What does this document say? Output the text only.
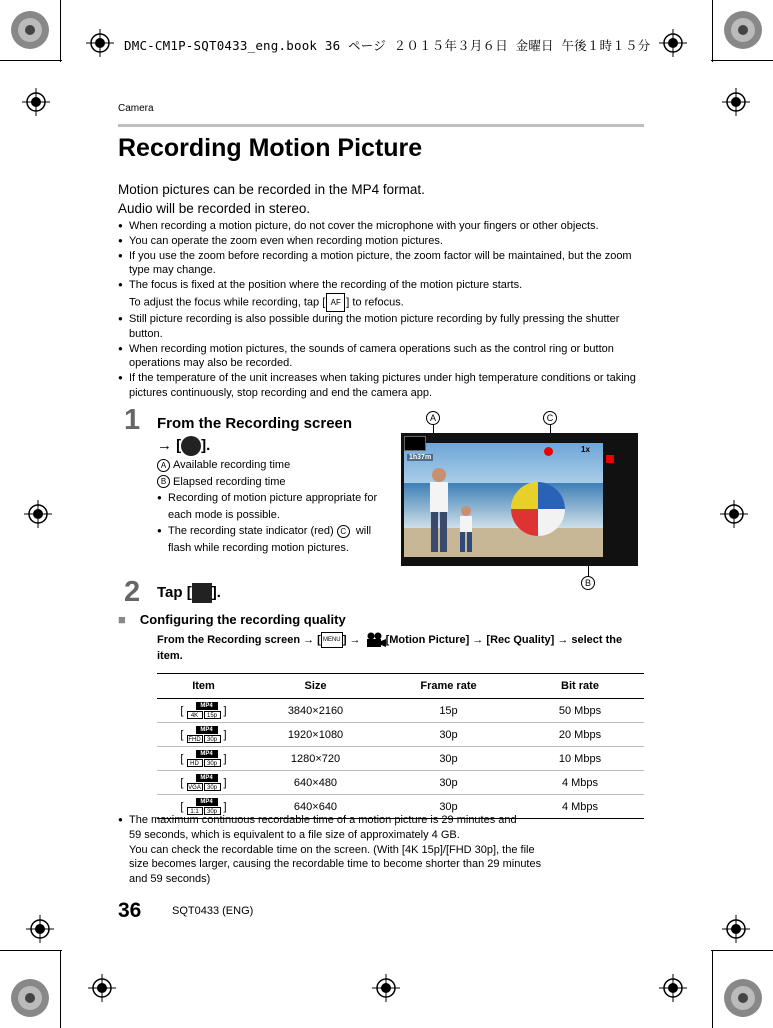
DMC-CM1P-SQT0433_eng.book 36 ページ ２０１５年３月６日 金曜日 午後１時１５分
Camera
Recording Motion Picture
Motion pictures can be recorded in the MP4 format.
Audio will be recorded in stereo.
● When recording a motion picture, do not cover the microphone with your fingers or other objects.
● You can operate the zoom even when recording motion pictures.
● If you use the zoom before recording a motion picture, the zoom factor will be maintained, but the zoom type may change.
● The focus is fixed at the position where the recording of the motion picture starts.
To adjust the focus while recording, tap [ AF ] to refocus.
● Still picture recording is also possible during the motion picture recording by fully pressing the shutter button.
● When recording motion pictures, the sounds of camera operations such as the control ring or button operations may also be recorded.
● If the temperature of the unit increases when taking pictures under high temperature conditions or taking pictures continuously, stop recording and end the camera app.
1 From the Recording screen
→ [ ].
A Available recording time
B Elapsed recording time
● Recording of motion picture appropriate for each mode is possible.
● The recording state indicator (red) C will flash while recording motion pictures.
A	C
B
1h37m
1x
2 Tap [ ].
■ Configuring the recording quality
From the Recording screen → [ MENU ] → [Motion Picture] → [Rec Quality] → select the item.
Item	Size	Frame rate	Bit rate
[ MP4
4K 15p ]	3840×2160	15p	50 Mbps
[ MP4
FHD 30p ]	1920×1080	30p	20 Mbps
[ MP4
HD 30p ]	1280×720	30p	10 Mbps
[ MP4
VGA 30p ]	640×480	30p	4 Mbps
[ MP4
1:1 30p ]	640×640	30p	4 Mbps
● The maximum continuous recordable time of a motion picture is 29 minutes and
59 seconds, which is equivalent to a file size of approximately 4 GB.
You can check the recordable time on the screen. (With [4K 15p]/[FHD 30p], the file
size becomes larger, causing the recordable time to become shorter than 29 minutes
and 59 seconds)
36	SQT0433 (ENG)
